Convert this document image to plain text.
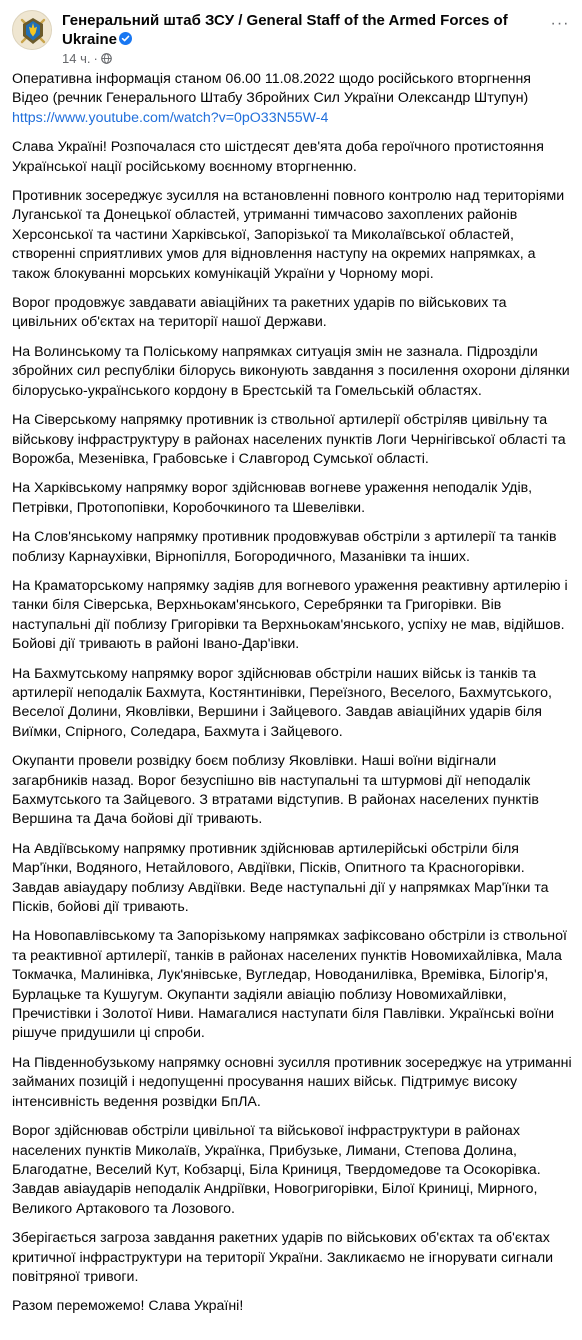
Генеральний штаб ЗСУ / General Staff of the Armed Forces of Ukraine
14 ч. ·
···

Оперативна інформація станом 06.00 11.08.2022 щодо російського вторгнення
Відео (речник Генерального Штабу Збройних Сил України Олександр Штупун)
https://www.youtube.com/watch?v=0pO33N55W-4

Слава Україні! Розпочалася сто шістдесят дев'ята доба героїчного протистояння Української нації російському воєнному вторгненню.

Противник зосереджує зусилля на встановленні повного контролю над територіями Луганської та Донецької областей, утриманні тимчасово захоплених районів Херсонської та частини Харківської, Запорізької та Миколаївської областей, створенні сприятливих умов для відновлення наступу на окремих напрямках, а також блокуванні морських комунікацій України у Чорному морі.

Ворог продовжує завдавати авіаційних та ракетних ударів по військових та цивільних об'єктах на території нашої Держави.

На Волинському та Поліському напрямках ситуація змін не зазнала. Підрозділи збройних сил республіки білорусь виконують завдання з посилення охорони ділянки білорусько-українського кордону в Брестській та Гомельській областях.

На Сіверському напрямку противник із ствольної артилерії обстріляв цивільну та військову інфраструктуру в районах населених пунктів Логи Чернігівської області та Ворожба, Мезенівка, Грабовське і Славгород Сумської області.

На Харківському напрямку ворог здійснював вогневе ураження неподалік Удів, Петрівки, Протопопівки, Коробочкиного та Шевелівки.

На Слов'янському напрямку противник продовжував обстріли з артилерії та танків поблизу Карнаухівки, Вірнопілля, Богородичного, Мазанівки та інших.

На Краматорському напрямку задіяв для вогневого ураження реактивну артилерію і танки біля Сіверська, Верхньокам'янського, Серебрянки та Григорівки. Вів наступальні дії поблизу Григорівки та Верхньокам'янського, успіху не мав, відійшов. Бойові дії тривають в районі Івано-Дар'івки.

На Бахмутському напрямку ворог здійснював обстріли наших військ із танків та артилерії неподалік Бахмута, Костянтинівки, Перeїзного, Веселого, Бахмутського, Веселої Долини, Яковлівки, Вершини і Зайцевого. Завдав авіаційних ударів біля Виїмки, Спірного, Соледара, Бахмута і Зайцевого.

Окупанти провели розвідку боєм поблизу Яковлівки. Наші воїни відігнали загарбників назад. Ворог безуспішно вів наступальні та штурмові дії неподалік Бахмутського та Зайцевого. З втратами відступив. В районах населених пунктів Вершина та Дача бойові дії тривають.

На Авдіївському напрямку противник здійснював артилерійські обстріли біля Мар'їнки, Водяного, Нетайлового, Авдіївки, Пісків, Опитного та Красногорівки. Завдав авіаудару поблизу Авдіївки. Веде наступальні дії у напрямках Мар'їнки та Пісків, бойові дії тривають.

На Новопавлівському та Запорізькому напрямках зафіксовано обстріли із ствольної та реактивної артилерії, танків в районах населених пунктів Новомихайлівка, Мала Токмачка, Малинівка, Лук'янівське, Вугледар, Новоданилівка, Времівка, Білогір'я, Бурлацьке та Кушугум. Окупанти задіяли авіацію поблизу Новомихайлівки, Пречистівки і Золотої Ниви. Намагалися наступати біля Павлівки. Українські воїни рішуче придушили ці спроби.

На Південнобузькому напрямку основні зусилля противник зосереджує на утриманні займаних позицій і недопущенні просування наших військ. Підтримує високу інтенсивність ведення розвідки БпЛА.

Ворог здійснював обстріли цивільної та військової інфраструктури в районах населених пунктів Миколаїв, Українка, Прибузьке, Лимани, Степова Долина, Благодатне, Веселий Кут, Кобзарці, Біла Криниця, Твердомедове та Осокорівка. Завдав авіаударів неподалік Андріївки, Новогригорівки, Білої Криниці, Мирного, Великого Артакового та Лозового.

Зберігається загроза завдання ракетних ударів по військових об'єктах та об'єктах критичної інфраструктури на території України. Закликаємо не ігнорувати сигнали повітряної тривоги.

Разом переможемо! Слава Україні!
